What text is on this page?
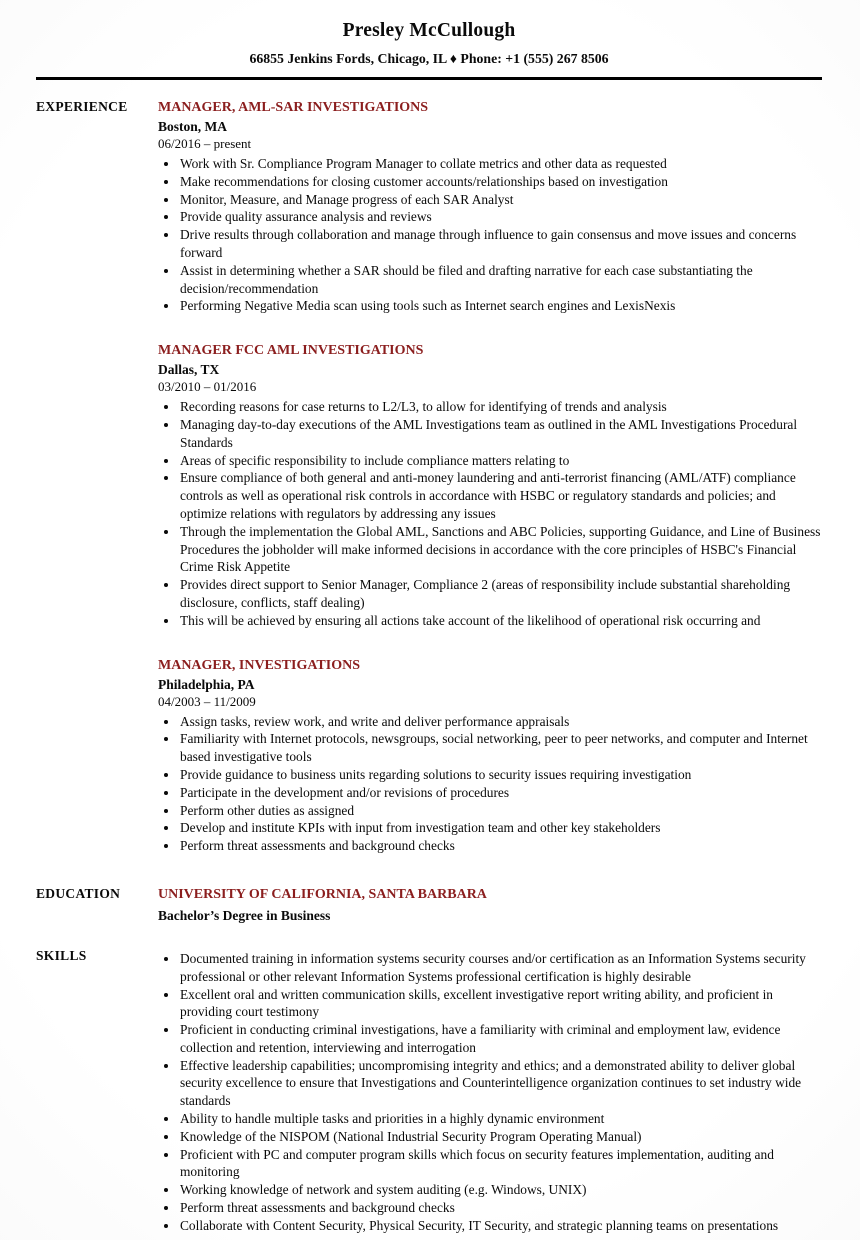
Presley McCullough
66855 Jenkins Fords, Chicago, IL ♦ Phone: +1 (555) 267 8506
EXPERIENCE	MANAGER, AML-SAR INVESTIGATIONS
Boston, MA
06/2016 – present
• Work with Sr. Compliance Program Manager to collate metrics and other data as requested
• Make recommendations for closing customer accounts/relationships based on investigation
• Monitor, Measure, and Manage progress of each SAR Analyst
• Provide quality assurance analysis and reviews
• Drive results through collaboration and manage through influence to gain consensus and move issues and concerns forward
• Assist in determining whether a SAR should be filed and drafting narrative for each case substantiating the decision/recommendation
• Performing Negative Media scan using tools such as Internet search engines and LexisNexis
MANAGER FCC AML INVESTIGATIONS
Dallas, TX
03/2010 – 01/2016
• Recording reasons for case returns to L2/L3, to allow for identifying of trends and analysis
• Managing day-to-day executions of the AML Investigations team as outlined in the AML Investigations Procedural Standards
• Areas of specific responsibility to include compliance matters relating to
• Ensure compliance of both general and anti-money laundering and anti-terrorist financing (AML/ATF) compliance controls as well as operational risk controls in accordance with HSBC or regulatory standards and policies; and optimize relations with regulators by addressing any issues
• Through the implementation the Global AML, Sanctions and ABC Policies, supporting Guidance, and Line of Business Procedures the jobholder will make informed decisions in accordance with the core principles of HSBC's Financial Crime Risk Appetite
• Provides direct support to Senior Manager, Compliance 2 (areas of responsibility include substantial shareholding disclosure, conflicts, staff dealing)
• This will be achieved by ensuring all actions take account of the likelihood of operational risk occurring and
MANAGER, INVESTIGATIONS
Philadelphia, PA
04/2003 – 11/2009
• Assign tasks, review work, and write and deliver performance appraisals
• Familiarity with Internet protocols, newsgroups, social networking, peer to peer networks, and computer and Internet based investigative tools
• Provide guidance to business units regarding solutions to security issues requiring investigation
• Participate in the development and/or revisions of procedures
• Perform other duties as assigned
• Develop and institute KPIs with input from investigation team and other key stakeholders
• Perform threat assessments and background checks
EDUCATION	UNIVERSITY OF CALIFORNIA, SANTA BARBARA
Bachelor’s Degree in Business
SKILLS	• Documented training in information systems security courses and/or certification as an Information Systems security professional or other relevant Information Systems professional certification is highly desirable
• Excellent oral and written communication skills, excellent investigative report writing ability, and proficient in providing court testimony
• Proficient in conducting criminal investigations, have a familiarity with criminal and employment law, evidence collection and retention, interviewing and interrogation
• Effective leadership capabilities; uncompromising integrity and ethics; and a demonstrated ability to deliver global security excellence to ensure that Investigations and Counterintelligence organization continues to set industry wide standards
• Ability to handle multiple tasks and priorities in a highly dynamic environment
• Knowledge of the NISPOM (National Industrial Security Program Operating Manual)
• Proficient with PC and computer program skills which focus on security features implementation, auditing and monitoring
• Working knowledge of network and system auditing (e.g. Windows, UNIX)
• Perform threat assessments and background checks
• Collaborate with Content Security, Physical Security, IT Security, and strategic planning teams on presentations
